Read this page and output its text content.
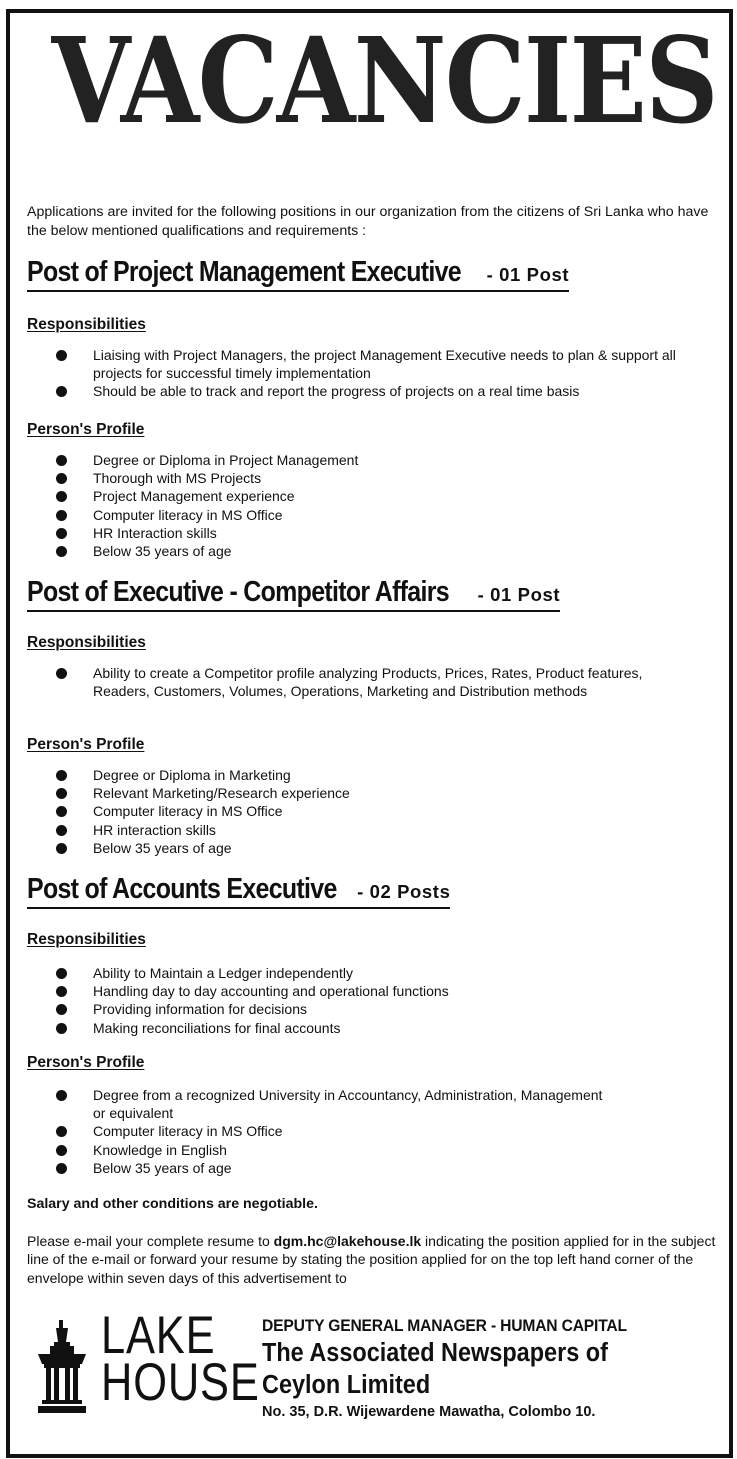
VACANCIES
Applications are invited for the following positions in our organization from the citizens of Sri Lanka who have the below mentioned qualifications and requirements :
Post of Project Management Executive - 01 Post
Responsibilities
Liaising with Project Managers, the project Management Executive needs to plan & support all projects for successful timely implementation
Should be able to track and report the progress of projects on a real time basis
Person's Profile
Degree or Diploma in Project Management
Thorough with MS Projects
Project Management experience
Computer literacy in MS Office
HR Interaction skills
Below 35 years of age
Post of Executive - Competitor Affairs - 01 Post
Responsibilities
Ability to create a Competitor profile analyzing Products, Prices, Rates, Product features, Readers, Customers, Volumes, Operations, Marketing and Distribution methods
Person's Profile
Degree or Diploma in Marketing
Relevant Marketing/Research experience
Computer literacy in MS Office
HR interaction skills
Below 35 years of age
Post of Accounts Executive - 02 Posts
Responsibilities
Ability to Maintain a Ledger independently
Handling day to day accounting and operational functions
Providing information for decisions
Making reconciliations for final accounts
Person's Profile
Degree from a recognized University in Accountancy, Administration, Management or equivalent
Computer literacy in MS Office
Knowledge in English
Below 35 years of age
Salary and other conditions are negotiable.
Please e-mail your complete resume to dgm.hc@lakehouse.lk indicating the position applied for in the subject line of the e-mail or forward your resume by stating the position applied for on the top left hand corner of the envelope within seven days of this advertisement to
LAKE
HOUSE
DEPUTY GENERAL MANAGER - HUMAN CAPITAL
The Associated Newspapers of
Ceylon Limited
No. 35, D.R. Wijewardene Mawatha, Colombo 10.
